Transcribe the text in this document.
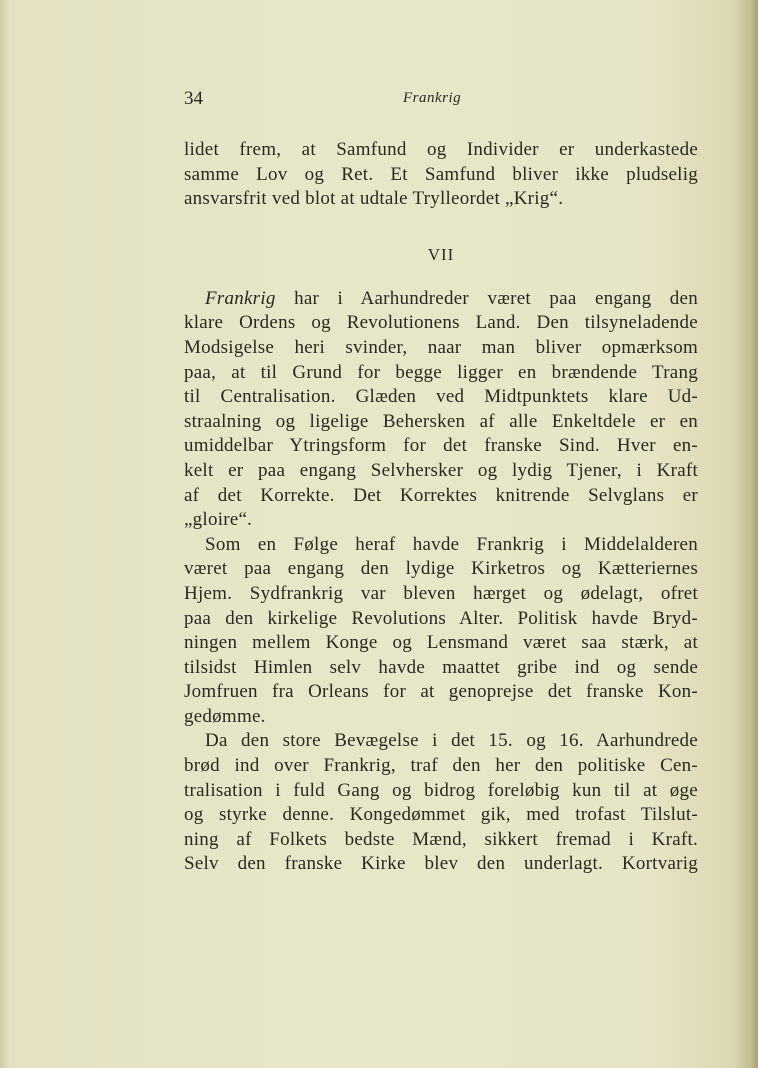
34	Frankrig
lidet frem, at Samfund og Individer er underkastede
samme Lov og Ret. Et Samfund bliver ikke pludselig
ansvarsfrit ved blot at udtale Trylleordet „Krig“.
VII
Frankrig har i Aarhundreder været paa engang den
klare Ordens og Revolutionens Land. Den tilsyneladende
Modsigelse heri svinder, naar man bliver opmærksom
paa, at til Grund for begge ligger en brændende Trang
til Centralisation. Glæden ved Midtpunktets klare Ud-
straalning og ligelige Behersken af alle Enkeltdele er en
umiddelbar Ytringsform for det franske Sind. Hver en-
kelt er paa engang Selvhersker og lydig Tjener, i Kraft
af det Korrekte. Det Korrektes knitrende Selvglans er
„gloire“.
Som en Følge heraf havde Frankrig i Middelalderen
været paa engang den lydige Kirketros og Kætteriernes
Hjem. Sydfrankrig var bleven hærget og ødelagt, ofret
paa den kirkelige Revolutions Alter. Politisk havde Bryd-
ningen mellem Konge og Lensmand været saa stærk, at
tilsidst Himlen selv havde maattet gribe ind og sende
Jomfruen fra Orleans for at genoprejse det franske Kon-
gedømme.
Da den store Bevægelse i det 15. og 16. Aarhundrede
brød ind over Frankrig, traf den her den politiske Cen-
tralisation i fuld Gang og bidrog foreløbig kun til at øge
og styrke denne. Kongedømmet gik, med trofast Tilslut-
ning af Folkets bedste Mænd, sikkert fremad i Kraft.
Selv den franske Kirke blev den underlagt. Kortvarig
